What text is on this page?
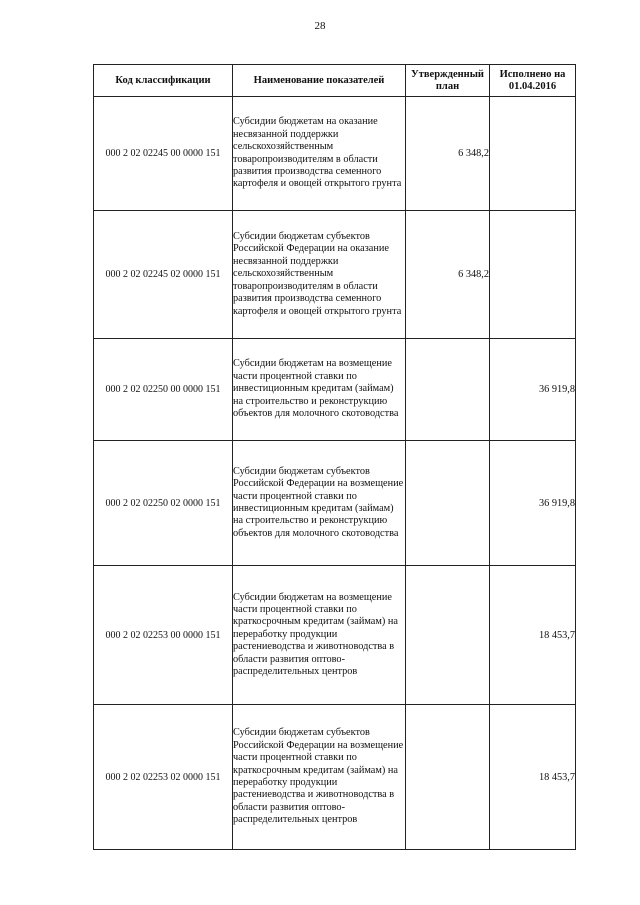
28
Код классификации	Наименование показателей	Утвержденный план	Исполнено на 01.04.2016
000 2 02 02245 00 0000 151	Субсидии бюджетам на оказание несвязанной поддержки сельскохозяйственным товаропроизводителям в области развития производства семенного картофеля и овощей открытого грунта	6 348,2	
000 2 02 02245 02 0000 151	Субсидии бюджетам субъектов Российской Федерации на оказание несвязанной поддержки сельскохозяйственным товаропроизводителям в области развития производства семенного картофеля и овощей открытого грунта	6 348,2	
000 2 02 02250 00 0000 151	Субсидии бюджетам на возмещение части процентной ставки по инвестиционным кредитам (займам) на строительство и реконструкцию объектов для молочного скотоводства		36 919,8
000 2 02 02250 02 0000 151	Субсидии бюджетам субъектов Российской Федерации на возмещение части процентной ставки по инвестиционным кредитам (займам) на строительство и реконструкцию объектов для молочного скотоводства		36 919,8
000 2 02 02253 00 0000 151	Субсидии бюджетам на возмещение части процентной ставки по краткосрочным кредитам (займам) на переработку продукции растениеводства и животноводства в области развития оптово-распределительных центров		18 453,7
000 2 02 02253 02 0000 151	Субсидии бюджетам субъектов Российской Федерации на возмещение части процентной ставки по краткосрочным кредитам (займам) на переработку продукции растениеводства и животноводства в области развития оптово-распределительных центров		18 453,7
